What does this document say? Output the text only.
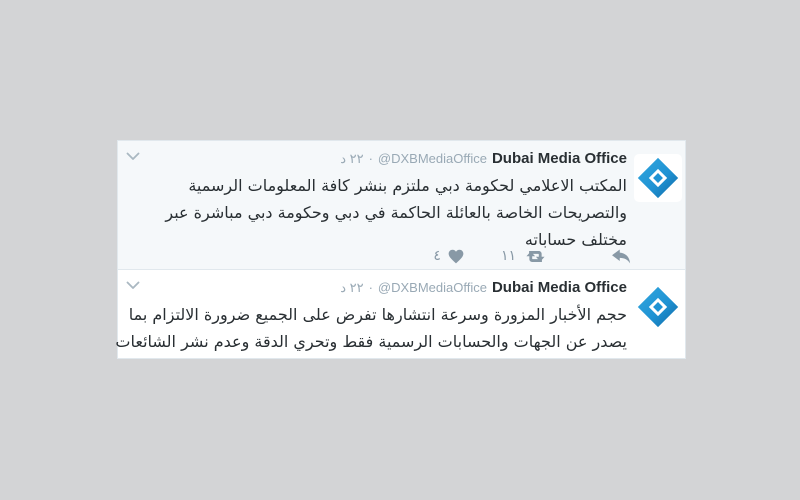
Dubai Media Office
@DXBMediaOffice
·
٢٢ د
المكتب الاعلامي لحكومة دبي ملتزم بنشر كافة المعلومات الرسمية
والتصريحات الخاصة بالعائلة الحاكمة في دبي وحكومة دبي مباشرة عبر
مختلف حساباته
١١
٤
Dubai Media Office
@DXBMediaOffice
·
٢٢ د
حجم الأخبار المزورة وسرعة انتشارها تفرض على الجميع ضرورة الالتزام بما
يصدر عن الجهات والحسابات الرسمية فقط وتحري الدقة وعدم نشر الشائعات
